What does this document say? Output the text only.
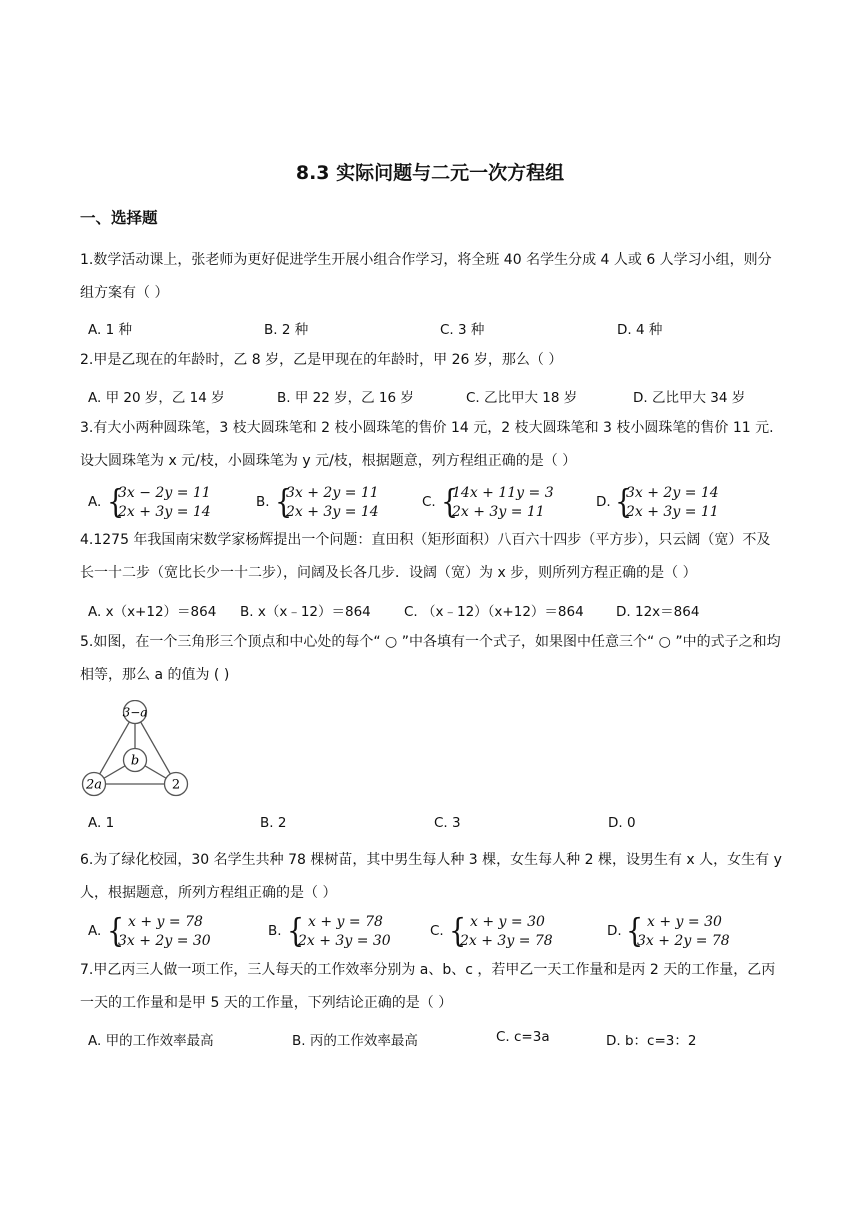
8.3 实际问题与二元一次方程组
一、选择题
1.数学活动课上，张老师为更好促进学生开展小组合作学习，将全班 40 名学生分成 4 人或 6 人学习小组，则分组方案有（ ）
A. 1 种	B. 2 种	C. 3 种	D. 4 种
2.甲是乙现在的年龄时，乙 8 岁，乙是甲现在的年龄时，甲 26 岁，那么（ ）
A. 甲 20 岁，乙 14 岁	B. 甲 22 岁，乙 16 岁	C. 乙比甲大 18 岁	D. 乙比甲大 34 岁
3.有大小两种圆珠笔，3 枝大圆珠笔和 2 枝小圆珠笔的售价 14 元，2 枝大圆珠笔和 3 枝小圆珠笔的售价 11 元.设大圆珠笔为 x 元/枝，小圆珠笔为 y 元/枝，根据题意，列方程组正确的是（ ）
A. {
3x − 2y = 11
2x + 3y = 14
B. {
3x + 2y = 11
2x + 3y = 14
C. {
14x + 11y = 3
2x + 3y = 11
D. {
3x + 2y = 14
2x + 3y = 11
4.1275 年我国南宋数学家杨辉提出一个问题：直田积（矩形面积）八百六十四步（平方步），只云阔（宽）不及长一十二步（宽比长少一十二步），问阔及长各几步．设阔（宽）为 x 步，则所列方程正确的是（ ）
A. x（x+12）＝864 B. x（x﹣12）＝864 C. （x﹣12）（x+12）＝864 D. 12x＝864
5.如图，在一个三角形三个顶点和中心处的每个“ ○ ”中各填有一个式子，如果图中任意三个“ ○ ”中的式子之和均相等，那么 a 的值为 ( )
3−a
b
2a	2
A. 1	B. 2	C. 3	D. 0
6.为了绿化校园，30 名学生共种 78 棵树苗，其中男生每人种 3 棵，女生每人种 2 棵，设男生有 x 人，女生有 y 人，根据题意，所列方程组正确的是（ ）
A. { x + y = 78
3x + 2y = 30
B. { x + y = 78
2x + 3y = 30
C. { x + y = 30
2x + 3y = 78
D. { x + y = 30
3x + 2y = 78
7.甲乙丙三人做一项工作，三人每天的工作效率分别为 a、b、c ，若甲乙一天工作量和是丙 2 天的工作量，乙丙一天的工作量和是甲 5 天的工作量，下列结论正确的是（ ）
A. 甲的工作效率最高	B. 丙的工作效率最高	C. c=3a	D. b：c=3：2
